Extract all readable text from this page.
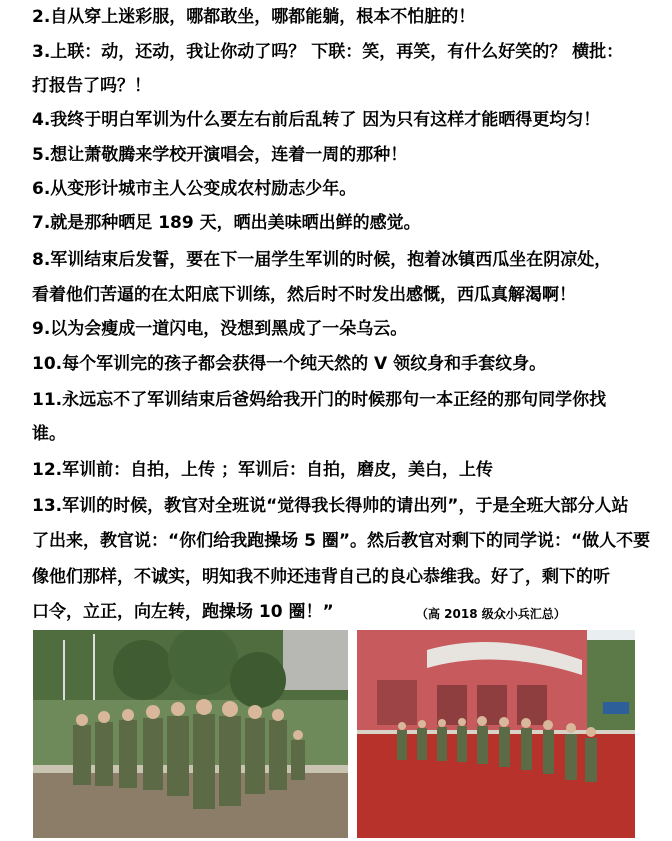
2.自从穿上迷彩服，哪都敢坐，哪都能躺，根本不怕脏的！
3.上联：动，还动，我让你动了吗？ 下联：笑，再笑，有什么好笑的？ 横批：
打报告了吗？！
4.我终于明白军训为什么要左右前后乱转了 因为只有这样才能晒得更均匀！
5.想让萧敬腾来学校开演唱会，连着一周的那种！
6.从变形计城市主人公变成农村励志少年。
7.就是那种晒足 189 天，晒出美味晒出鲜的感觉。
8.军训结束后发誓，要在下一届学生军训的时候，抱着冰镇西瓜坐在阴凉处，
看着他们苦逼的在太阳底下训练，然后时不时发出感慨，西瓜真解渴啊！
9.以为会瘦成一道闪电，没想到黑成了一朵乌云。
10.每个军训完的孩子都会获得一个纯天然的 V 领纹身和手套纹身。
11.永远忘不了军训结束后爸妈给我开门的时候那句一本正经的那句同学你找
谁。
12.军训前：自拍，上传 ；军训后：自拍，磨皮，美白，上传
13.军训的时候，教官对全班说“觉得我长得帅的请出列”，于是全班大部分人站
了出来，教官说：“你们给我跑操场 5 圈”。然后教官对剩下的同学说：“做人不要
像他们那样，不诚实，明知我不帅还违背自己的良心恭维我。好了，剩下的听
口令，立正，向左转，跑操场 10 圈！”	（高 2018 级众小兵汇总）
